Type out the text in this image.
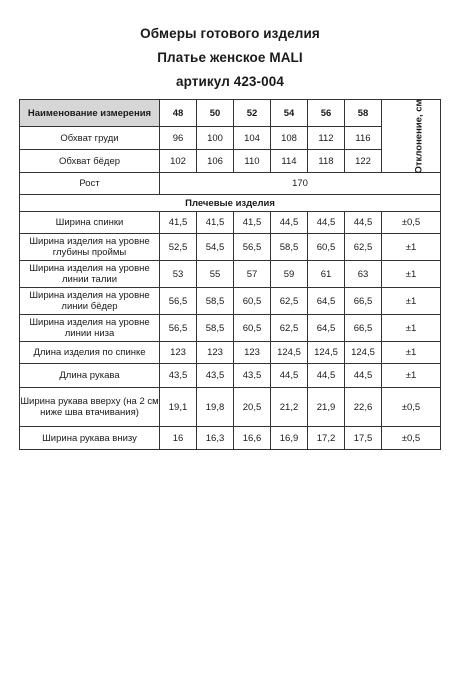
Обмеры готового изделия
Платье женское MALI
артикул 423-004
Наименование измерения	48	50	52	54	56	58	Отклонение, см
Обхват груди	96	100	104	108	112	116	
Обхват бёдер	102	106	110	114	118	122	
Рост	170						
Плечевые изделия							
Ширина спинки	41,5	41,5	41,5	44,5	44,5	44,5	±0,5
Ширина изделия на уровне глубины проймы	52,5	54,5	56,5	58,5	60,5	62,5	±1
Ширина изделия на уровне линии талии	53	55	57	59	61	63	±1
Ширина изделия на уровне линии бёдер	56,5	58,5	60,5	62,5	64,5	66,5	±1
Ширина изделия на уровне линии низа	56,5	58,5	60,5	62,5	64,5	66,5	±1
Длина изделия по спинке	123	123	123	124,5	124,5	124,5	±1
Длина рукава	43,5	43,5	43,5	44,5	44,5	44,5	±1
Ширина рукава вверху (на 2 см ниже шва втачивания)	19,1	19,8	20,5	21,2	21,9	22,6	±0,5
Ширина рукава внизу	16	16,3	16,6	16,9	17,2	17,5	±0,5
